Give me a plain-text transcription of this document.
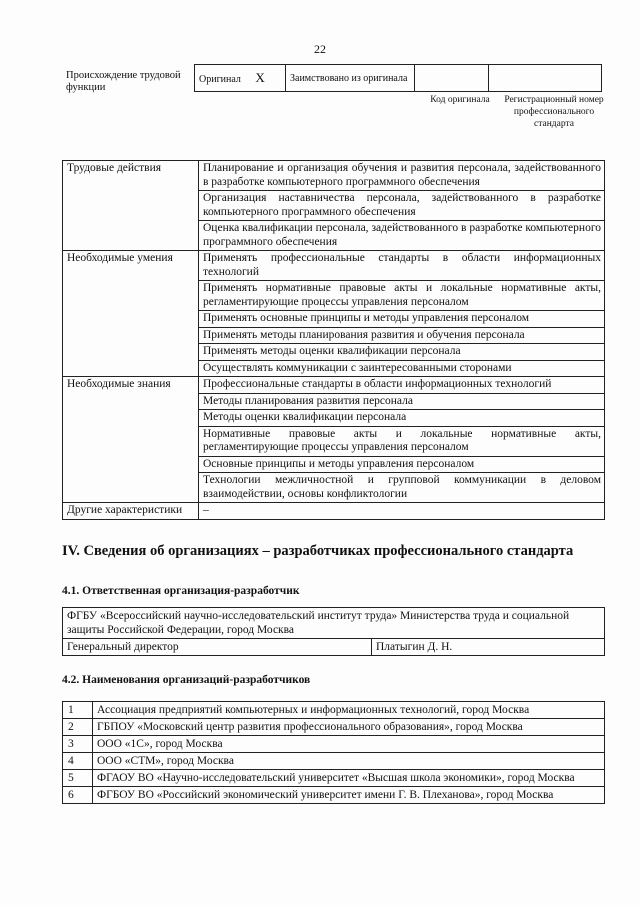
22
Происхождение трудовой функции
Оригинал X	Заимствовано из оригинала		
Код оригинала	Регистрационный номер профессионального стандарта
Трудовые действия	Планирование и организация обучения и развития персонала, задействованного в разработке компьютерного программного обеспечения
	Организация наставничества персонала, задействованного в разработке компьютерного программного обеспечения
	Оценка квалификации персонала, задействованного в разработке компьютерного программного обеспечения
Необходимые умения	Применять профессиональные стандарты в области информационных технологий
	Применять нормативные правовые акты и локальные нормативные акты, регламентирующие процессы управления персоналом
	Применять основные принципы и методы управления персоналом
	Применять методы планирования развития и обучения персонала
	Применять методы оценки квалификации персонала
	Осуществлять коммуникации с заинтересованными сторонами
Необходимые знания	Профессиональные стандарты в области информационных технологий
	Методы планирования развития персонала
	Методы оценки квалификации персонала
	Нормативные правовые акты и локальные нормативные акты, регламентирующие процессы управления персоналом
	Основные принципы и методы управления персоналом
	Технологии межличностной и групповой коммуникации в деловом взаимодействии, основы конфликтологии
Другие характеристики	–
IV. Сведения об организациях – разработчиках профессионального стандарта
4.1. Ответственная организация-разработчик
ФГБУ «Всероссийский научно-исследовательский институт труда» Министерства труда и социальной защиты Российской Федерации, город Москва
Генеральный директор	Платыгин Д. Н.
4.2. Наименования организаций-разработчиков
1	Ассоциация предприятий компьютерных и информационных технологий, город Москва
2	ГБПОУ «Московский центр развития профессионального образования», город Москва
3	ООО «1С», город Москва
4	ООО «СТМ», город Москва
5	ФГАОУ ВО «Научно-исследовательский университет «Высшая школа экономики», город Москва
6	ФГБОУ ВО «Российский экономический университет имени Г. В. Плеханова», город Москва
